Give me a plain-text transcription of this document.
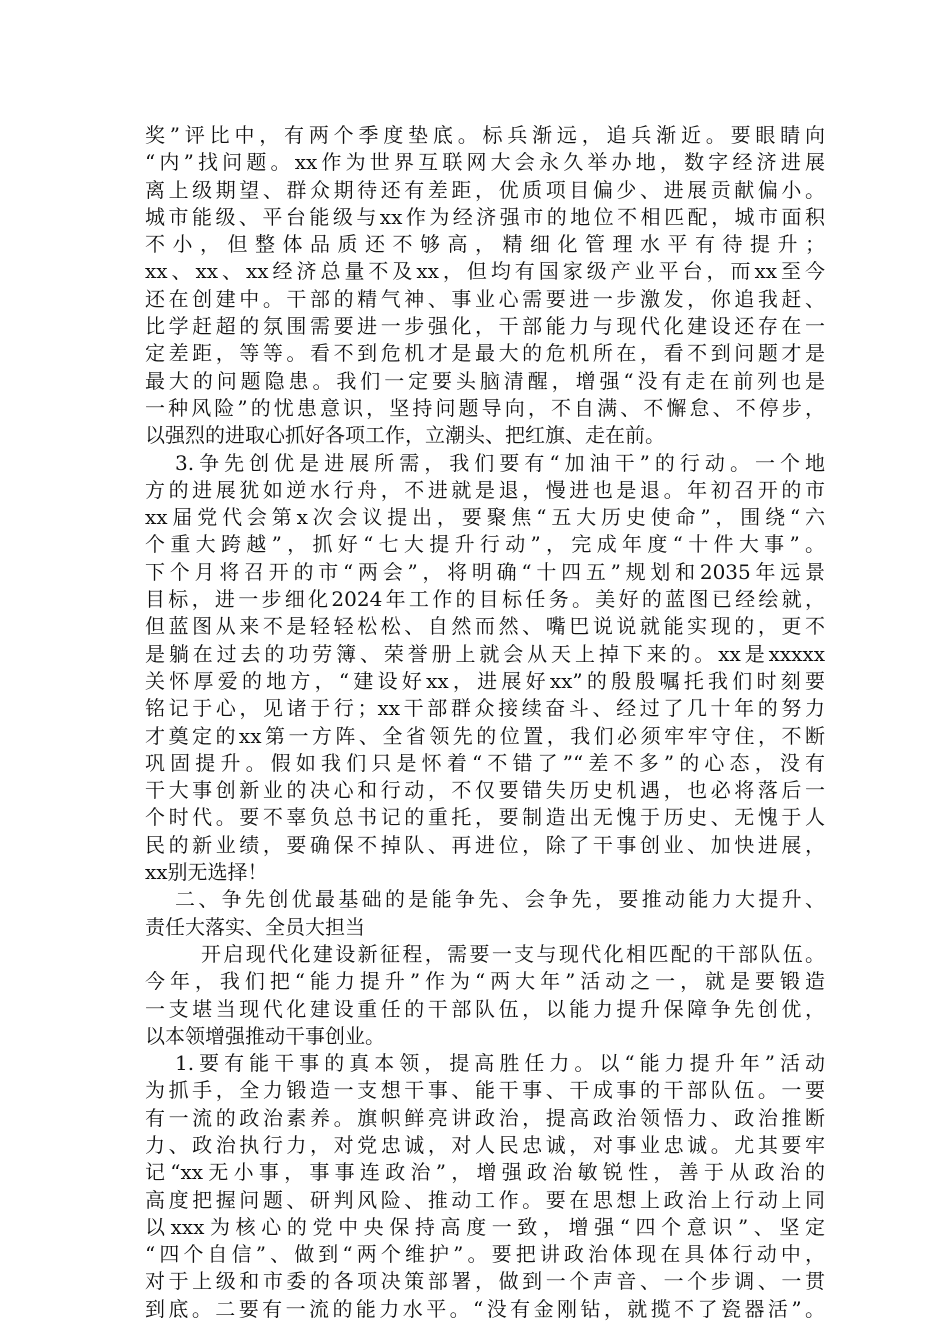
奖”评比中，有两个季度垫底。标兵渐远，追兵渐近。要眼睛向
“内”找问题。xx作为世界互联网大会永久举办地，数字经济进展
离上级期望、群众期待还有差距，优质项目偏少、进展贡献偏小。
城市能级、平台能级与xx作为经济强市的地位不相匹配，城市面积
不小，但整体品质还不够高，精细化管理水平有待提升；
xx、xx、xx经济总量不及xx，但均有国家级产业平台，而xx至今
还在创建中。干部的精气神、事业心需要进一步激发，你追我赶、
比学赶超的氛围需要进一步强化，干部能力与现代化建设还存在一
定差距，等等。看不到危机才是最大的危机所在，看不到问题才是
最大的问题隐患。我们一定要头脑清醒，增强“没有走在前列也是
一种风险”的忧患意识，坚持问题导向，不自满、不懈怠、不停步，
以强烈的进取心抓好各项工作，立潮头、把红旗、走在前。
3.争先创优是进展所需，我们要有“加油干”的行动。一个地
方的进展犹如逆水行舟，不进就是退，慢进也是退。年初召开的市
xx届党代会第x次会议提出，要聚焦“五大历史使命”，围绕“六
个重大跨越”，抓好“七大提升行动”，完成年度“十件大事”。
下个月将召开的市“两会”，将明确“十四五”规划和2035年远景
目标，进一步细化2024年工作的目标任务。美好的蓝图已经绘就，
但蓝图从来不是轻轻松松、自然而然、嘴巴说说就能实现的，更不
是躺在过去的功劳簿、荣誉册上就会从天上掉下来的。xx是xxxxx
关怀厚爱的地方，“建设好xx，进展好xx”的殷殷嘱托我们时刻要
铭记于心，见诸于行；xx干部群众接续奋斗、经过了几十年的努力
才奠定的xx第一方阵、全省领先的位置，我们必须牢牢守住，不断
巩固提升。假如我们只是怀着“不错了”“差不多”的心态，没有
干大事创新业的决心和行动，不仅要错失历史机遇，也必将落后一
个时代。要不辜负总书记的重托，要制造出无愧于历史、无愧于人
民的新业绩，要确保不掉队、再进位，除了干事创业、加快进展，
xx别无选择！
二、争先创优最基础的是能争先、会争先，要推动能力大提升、
责任大落实、全员大担当
开启现代化建设新征程，需要一支与现代化相匹配的干部队伍。
今年，我们把“能力提升”作为“两大年”活动之一，就是要锻造
一支堪当现代化建设重任的干部队伍，以能力提升保障争先创优，
以本领增强推动干事创业。
1.要有能干事的真本领，提高胜任力。以“能力提升年”活动
为抓手，全力锻造一支想干事、能干事、干成事的干部队伍。一要
有一流的政治素养。旗帜鲜亮讲政治，提高政治领悟力、政治推断
力、政治执行力，对党忠诚，对人民忠诚，对事业忠诚。尤其要牢
记“xx无小事，事事连政治”，增强政治敏锐性，善于从政治的
高度把握问题、研判风险、推动工作。要在思想上政治上行动上同
以xxx为核心的党中央保持高度一致，增强“四个意识”、坚定
“四个自信”、做到“两个维护”。要把讲政治体现在具体行动中，
对于上级和市委的各项决策部署，做到一个声音、一个步调、一贯
到底。二要有一流的能力水平。“没有金刚钻，就揽不了瓷器活”。
